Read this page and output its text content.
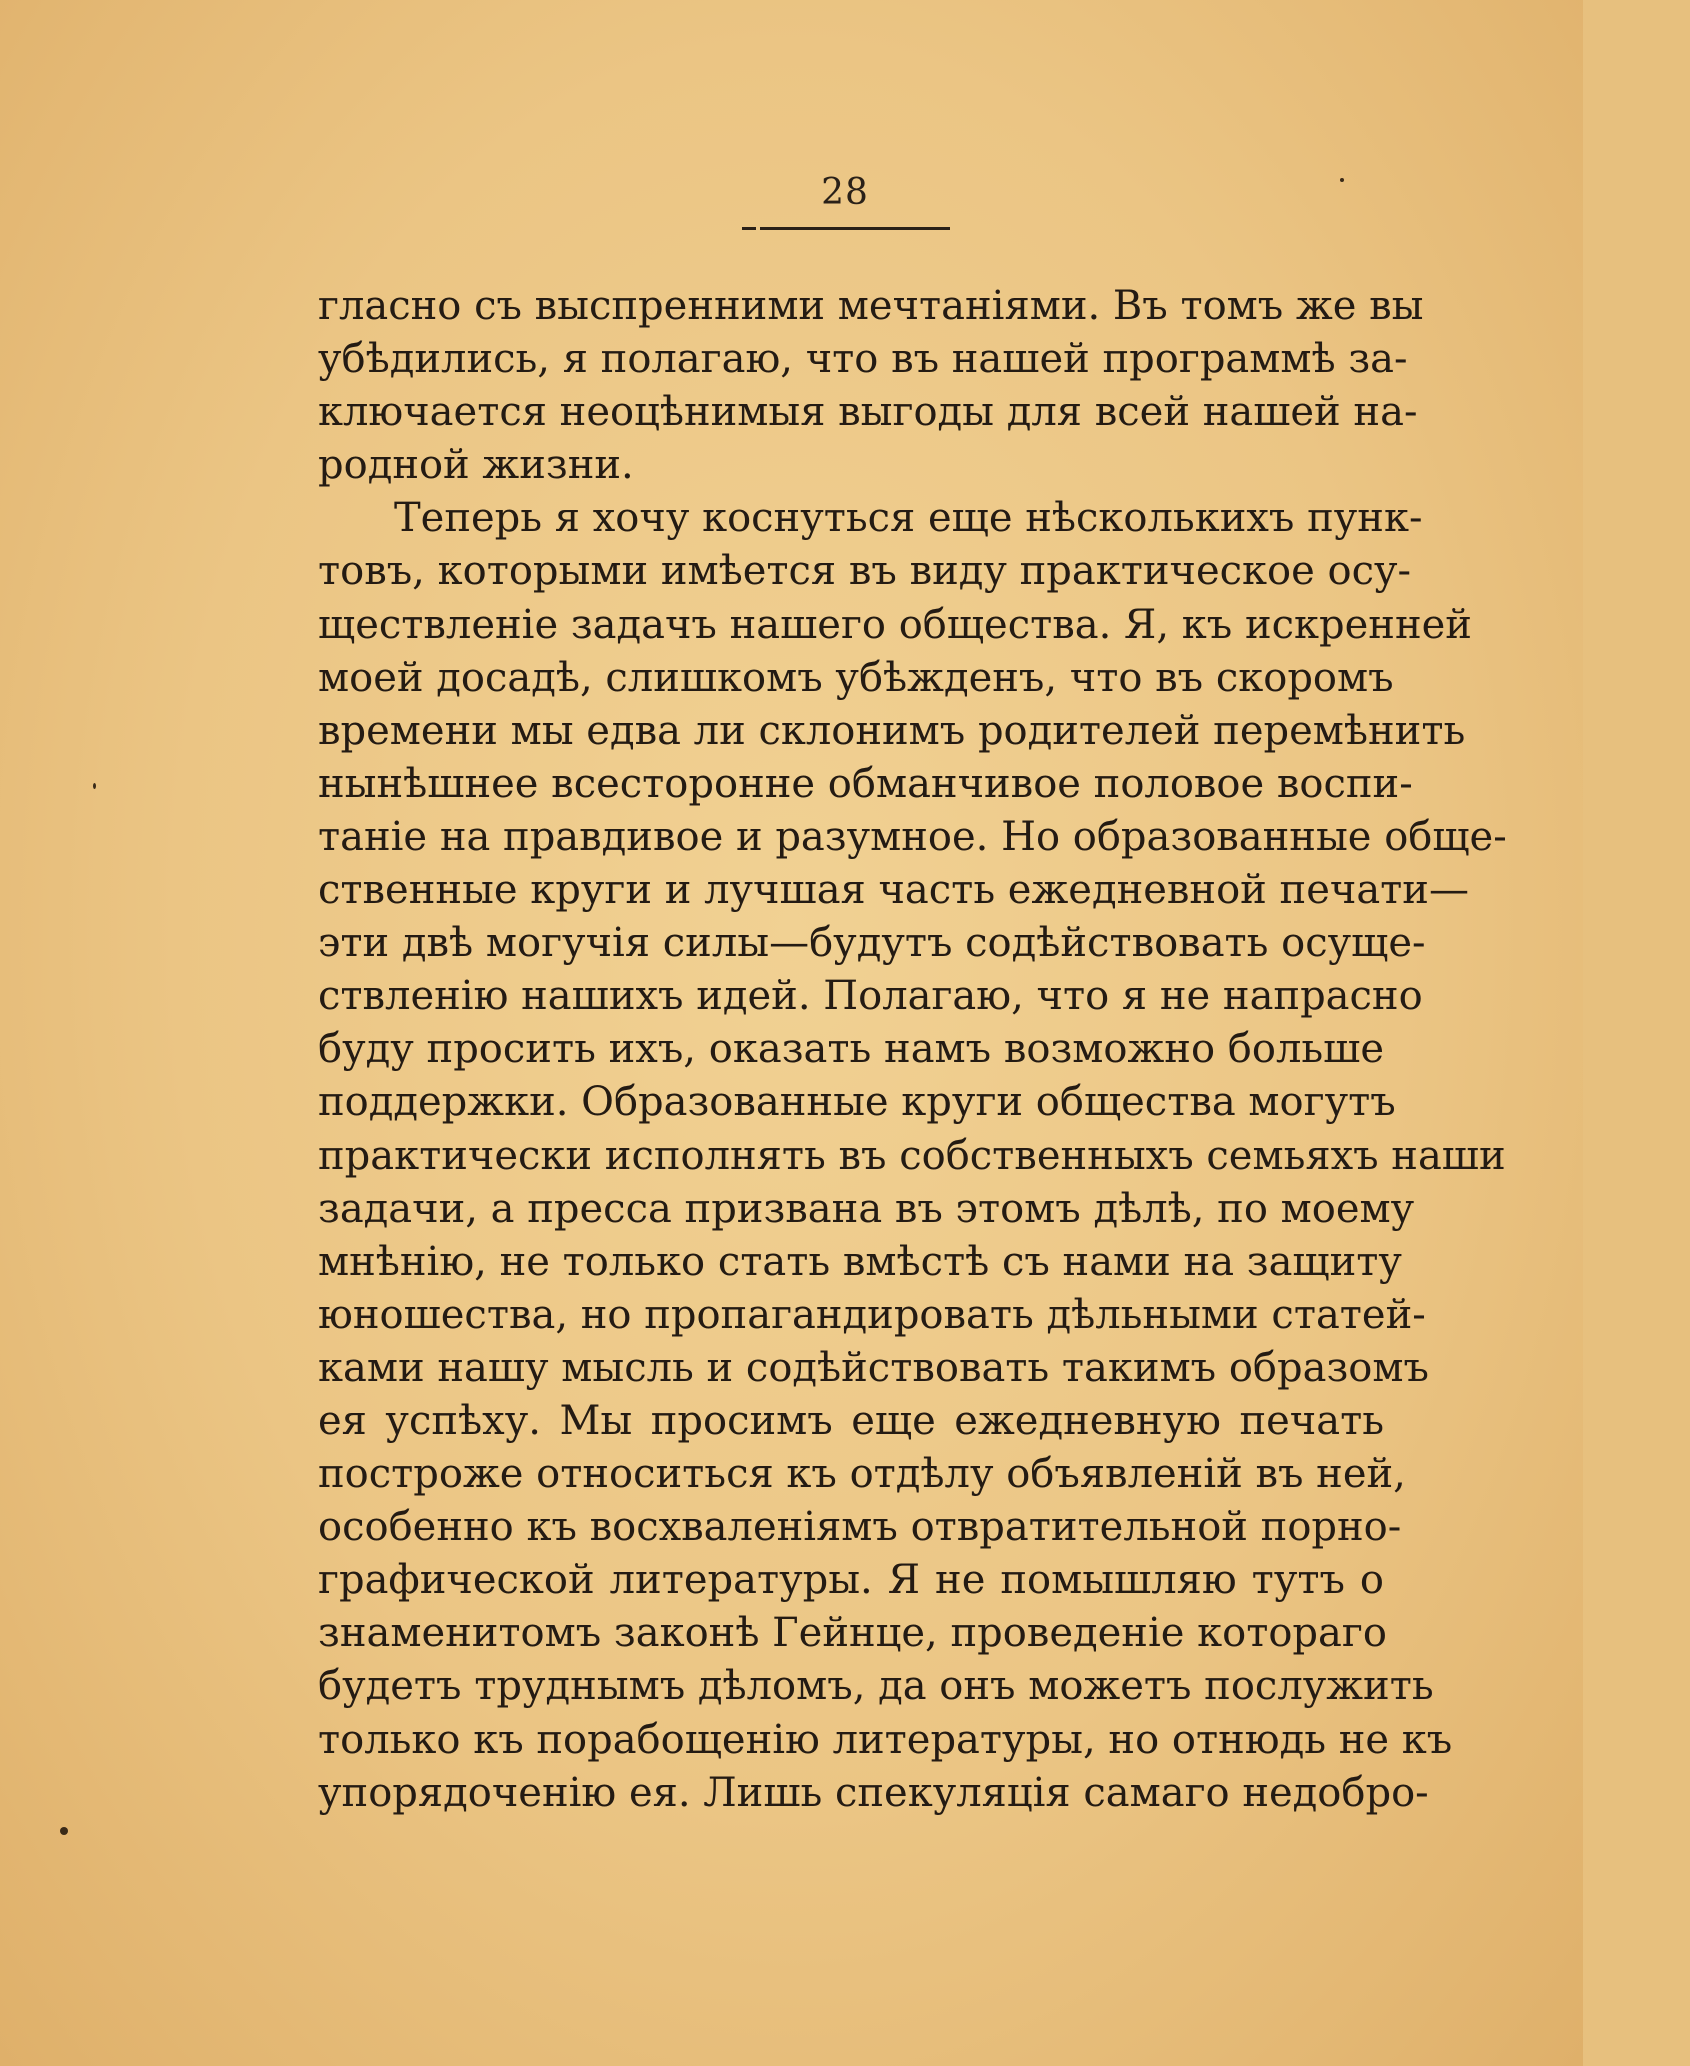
28
гласно съ выспренними мечтаніями. Въ томъ же вы
убѣдились, я полагаю, что въ нашей программѣ за-
ключается неоцѣнимыя выгоды для всей нашей на-
родной жизни.
Теперь я хочу коснуться еще нѣсколькихъ пунк-
товъ, которыми имѣется въ виду практическое осу-
ществленіе задачъ нашего общества. Я, къ искренней
моей досадѣ, слишкомъ убѣжденъ, что въ скоромъ
времени мы едва ли склонимъ родителей перемѣнить
нынѣшнее всесторонне обманчивое половое воспи-
таніе на правдивое и разумное. Но образованные обще-
ственные круги и лучшая часть ежедневной печати—
эти двѣ могучія силы—будутъ содѣйствовать осуще-
ствленію нашихъ идей. Полагаю, что я не напрасно
буду просить ихъ, оказать намъ возможно больше
поддержки. Образованные круги общества могутъ
практически исполнять въ собственныхъ семьяхъ наши
задачи, а пресса призвана въ этомъ дѣлѣ, по моему
мнѣнію, не только стать вмѣстѣ съ нами на защиту
юношества, но пропагандировать дѣльными статей-
ками нашу мысль и содѣйствовать такимъ образомъ
ея успѣху. Мы просимъ еще ежедневную печать
построже относиться къ отдѣлу объявленій въ ней,
особенно къ восхваленіямъ отвратительной порно-
графической литературы. Я не помышляю тутъ о
знаменитомъ законѣ Гейнце, проведеніе котораго
будетъ труднымъ дѣломъ, да онъ можетъ послужить
только къ порабощенію литературы, но отнюдь не къ
упорядоченію ея. Лишь спекуляція самаго недобро-
